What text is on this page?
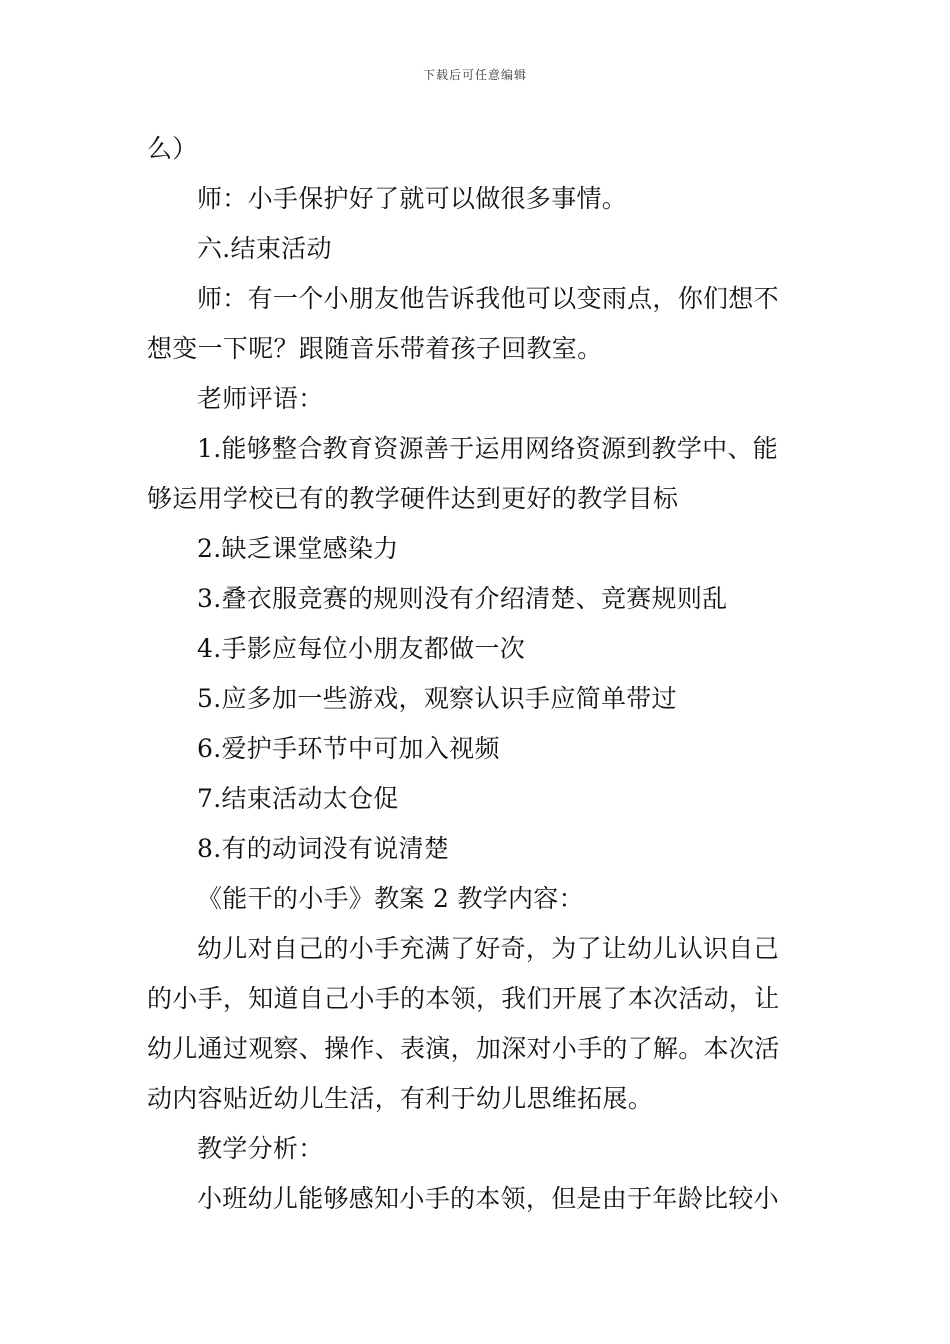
下载后可任意编辑
么）
师：小手保护好了就可以做很多事情。
六.结束活动
师：有一个小朋友他告诉我他可以变雨点，你们想不
想变一下呢？跟随音乐带着孩子回教室。
老师评语：
1.能够整合教育资源善于运用网络资源到教学中、能
够运用学校已有的教学硬件达到更好的教学目标
2.缺乏课堂感染力
3.叠衣服竞赛的规则没有介绍清楚、竞赛规则乱
4.手影应每位小朋友都做一次
5.应多加一些游戏，观察认识手应简单带过
6.爱护手环节中可加入视频
7.结束活动太仓促
8.有的动词没有说清楚
《能干的小手》教案 2 教学内容：
幼儿对自己的小手充满了好奇，为了让幼儿认识自己
的小手，知道自己小手的本领，我们开展了本次活动，让
幼儿通过观察、操作、表演，加深对小手的了解。本次活
动内容贴近幼儿生活，有利于幼儿思维拓展。
教学分析：
小班幼儿能够感知小手的本领，但是由于年龄比较小
